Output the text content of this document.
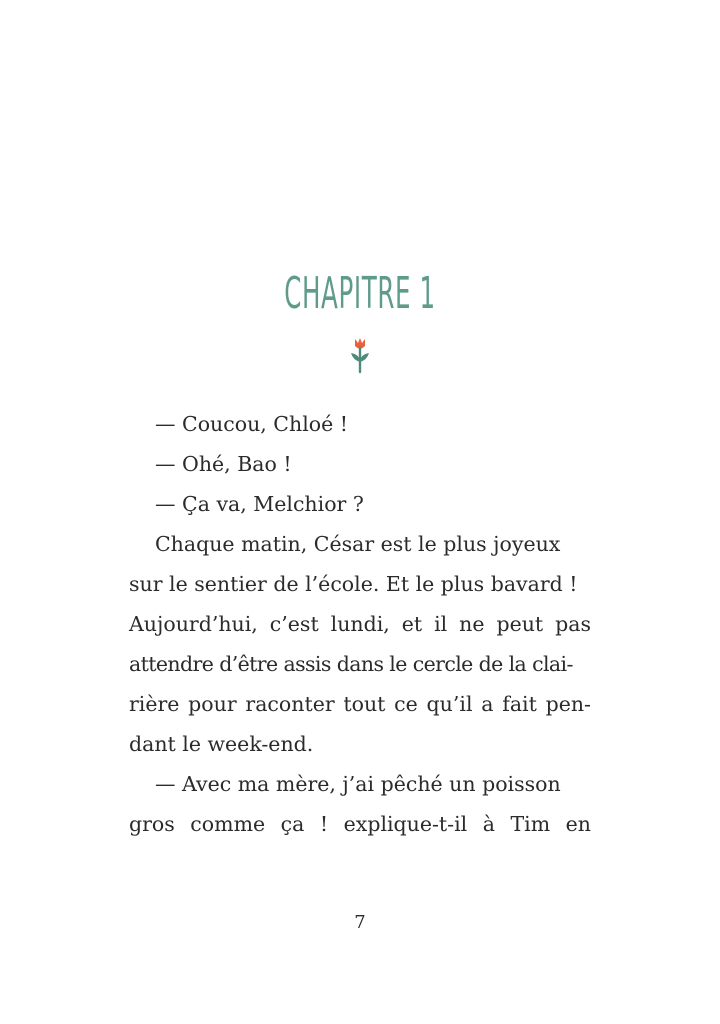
CHAPITRE 1
— Coucou, Chloé !
— Ohé, Bao !
— Ça va, Melchior ?
Chaque matin, César est le plus joyeux
sur le sentier de l’école. Et le plus bavard !
Aujourd’hui, c’est lundi, et il ne peut pas
attendre d’être assis dans le cercle de la clai-
rière pour raconter tout ce qu’il a fait pen-
dant le week-end.
— Avec ma mère, j’ai pêché un poisson
gros comme ça ! explique-t-il à Tim en
7
